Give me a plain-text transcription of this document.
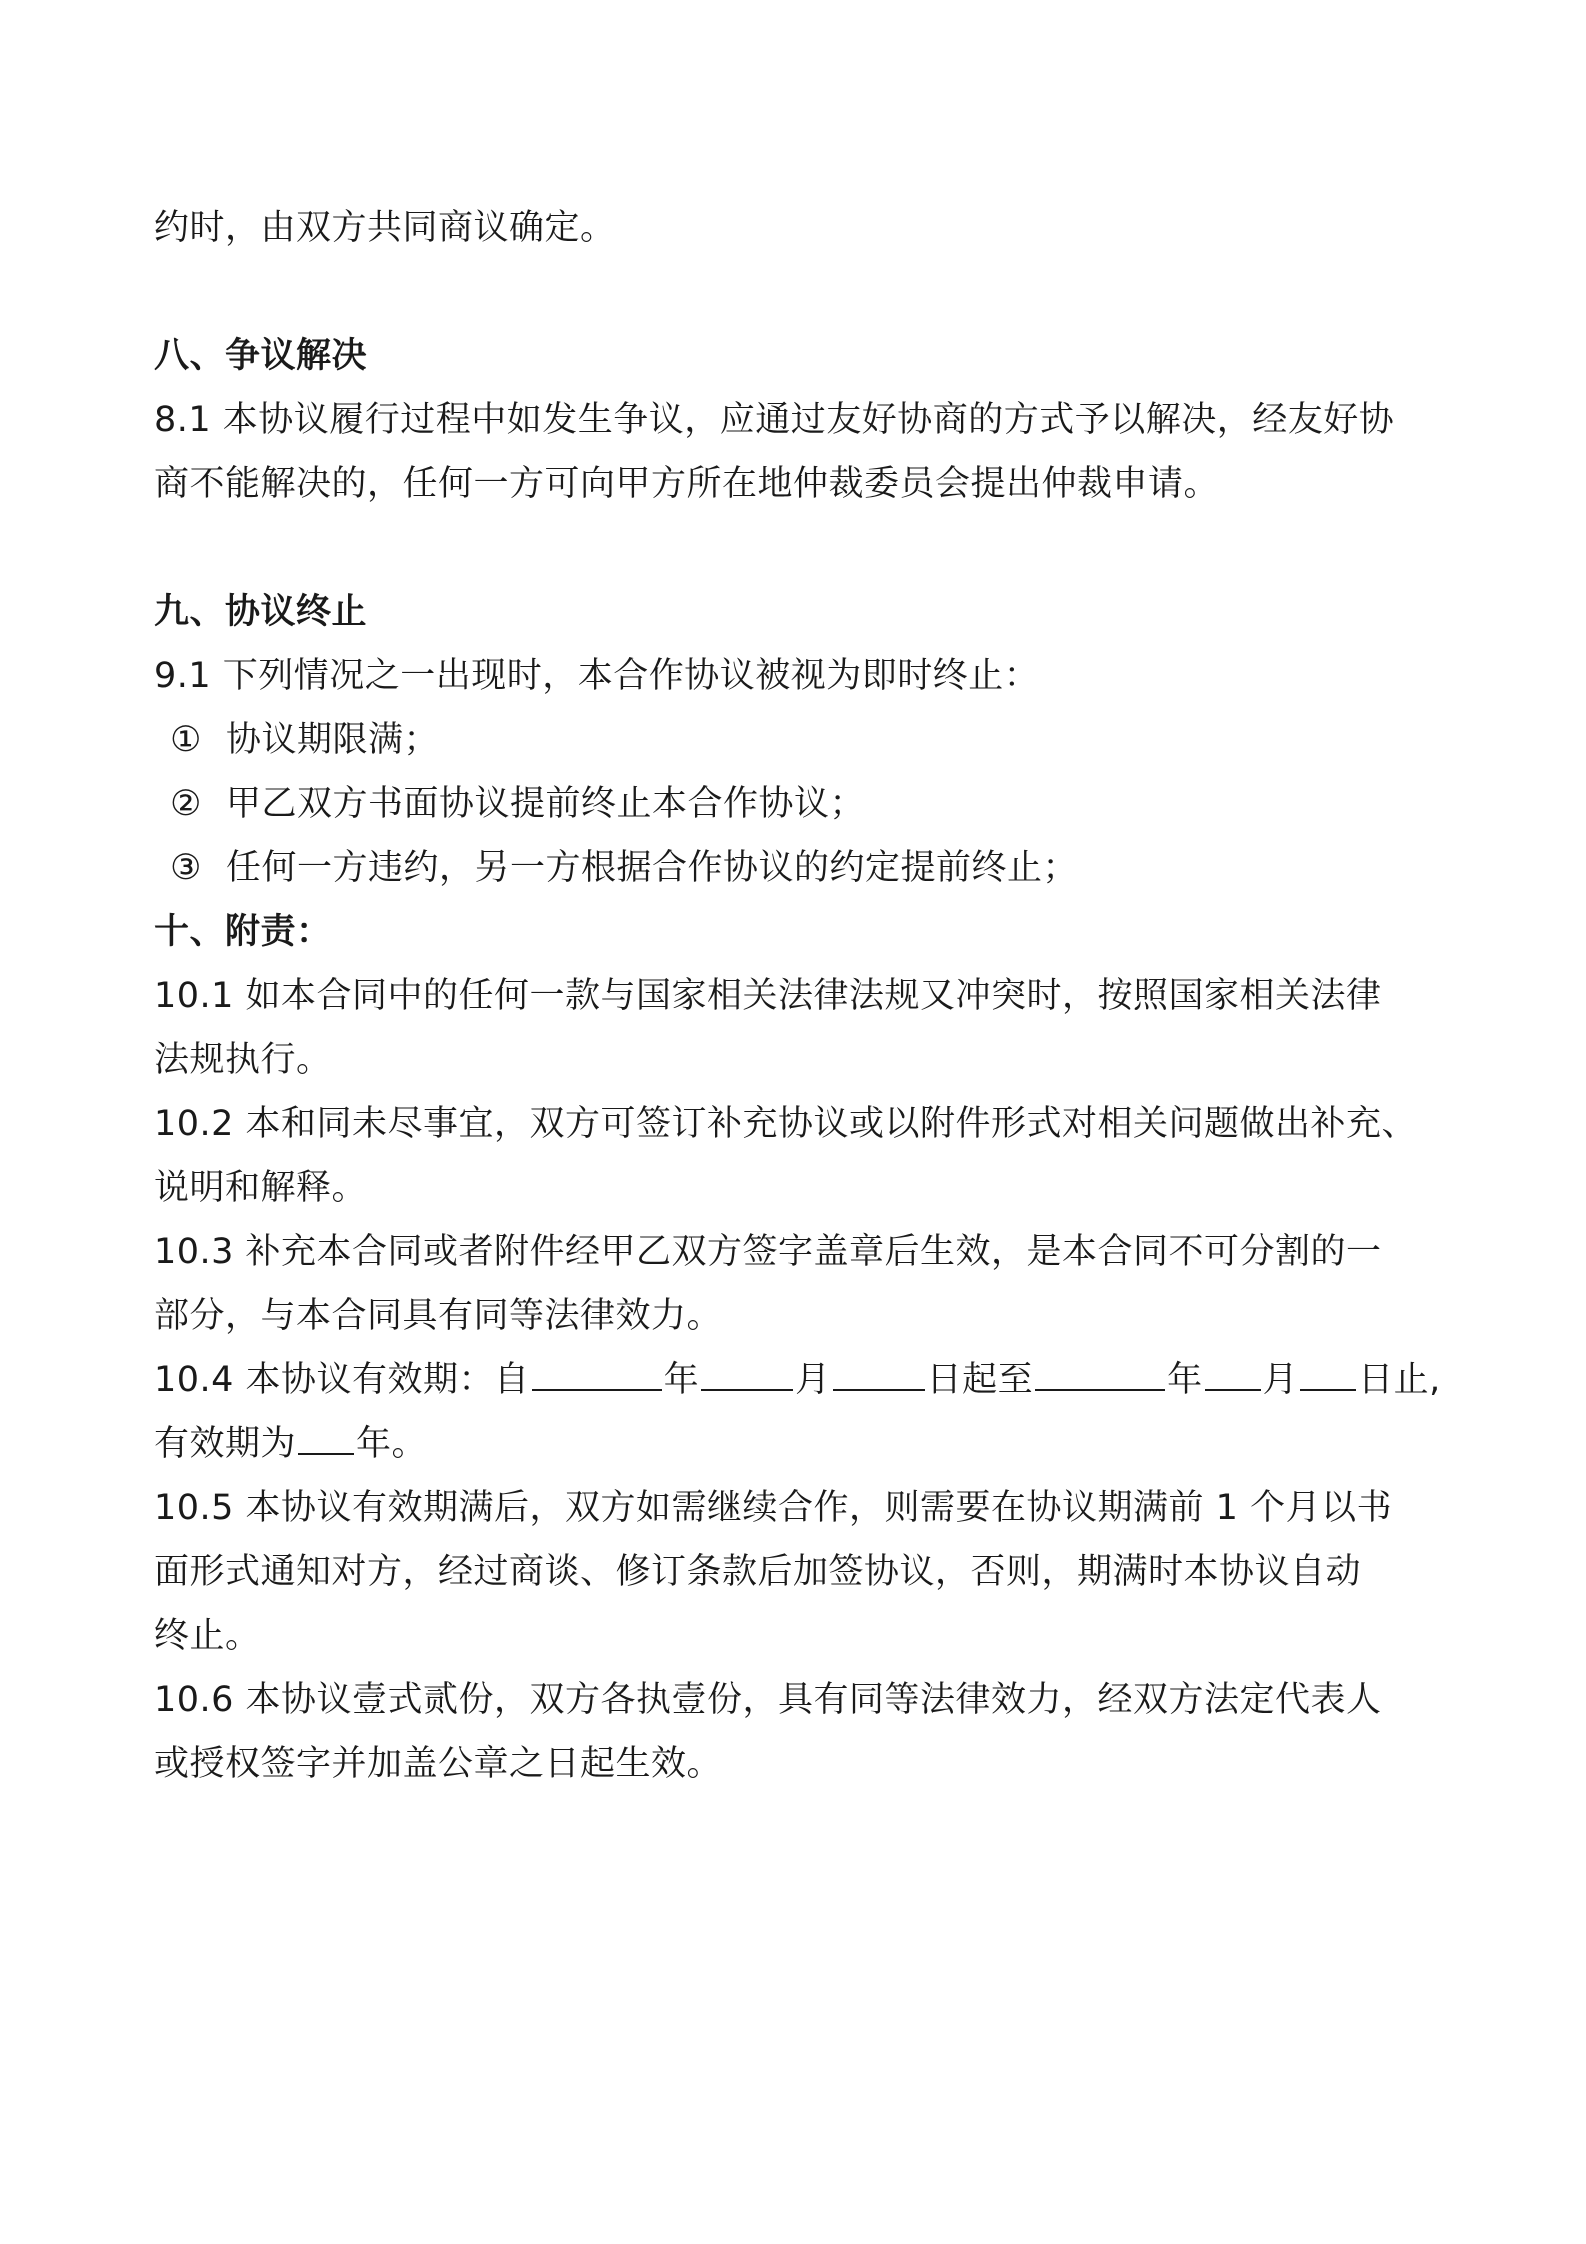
约时，由双方共同商议确定。
八、争议解决
8.1 本协议履行过程中如发生争议，应通过友好协商的方式予以解决，经友好协
商不能解决的，任何一方可向甲方所在地仲裁委员会提出仲裁申请。
九、协议终止
9.1 下列情况之一出现时，本合作协议被视为即时终止：
① 协议期限满；
② 甲乙双方书面协议提前终止本合作协议；
③ 任何一方违约，另一方根据合作协议的约定提前终止；
十、附责：
10.1 如本合同中的任何一款与国家相关法律法规又冲突时，按照国家相关法律
法规执行。
10.2 本和同未尽事宜，双方可签订补充协议或以附件形式对相关问题做出补充、
说明和解释。
10.3 补充本合同或者附件经甲乙双方签字盖章后生效，是本合同不可分割的一
部分，与本合同具有同等法律效力。
10.4 本协议有效期：自	年	月	日起至	年 月 日止,
有效期为 年。
10.5 本协议有效期满后，双方如需继续合作，则需要在协议期满前 1 个月以书
面形式通知对方，经过商谈、修订条款后加签协议，否则，期满时本协议自动
终止。
10.6 本协议壹式贰份，双方各执壹份，具有同等法律效力，经双方法定代表人
或授权签字并加盖公章之日起生效。
